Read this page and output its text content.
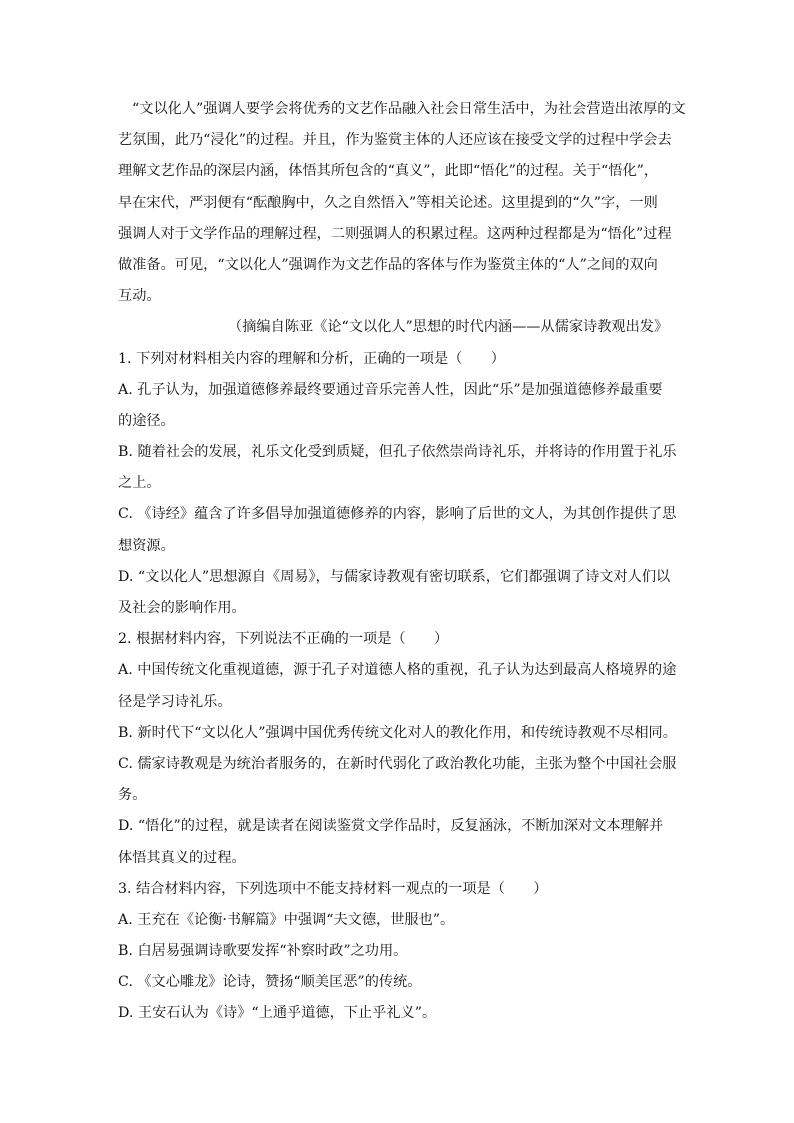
“文以化人”强调人要学会将优秀的文艺作品融入社会日常生活中，为社会营造出浓厚的文
艺氛围，此乃“浸化”的过程。并且，作为鉴赏主体的人还应该在接受文学的过程中学会去
理解文艺作品的深层内涵，体悟其所包含的“真义”，此即“悟化”的过程。关于“悟化”，
早在宋代，严羽便有“酝酿胸中，久之自然悟入”等相关论述。这里提到的“久”字，一则
强调人对于文学作品的理解过程，二则强调人的积累过程。这两种过程都是为“悟化”过程
做准备。可见，“文以化人”强调作为文艺作品的客体与作为鉴赏主体的“人”之间的双向
互动。
（摘编自陈亚《论“文以化人”思想的时代内涵——从儒家诗教观出发》
1. 下列对材料相关内容的理解和分析，正确的一项是（　　）
A. 孔子认为，加强道德修养最终要通过音乐完善人性，因此“乐”是加强道德修养最重要
的途径。
B. 随着社会的发展，礼乐文化受到质疑，但孔子依然崇尚诗礼乐，并将诗的作用置于礼乐
之上。
C. 《诗经》蕴含了许多倡导加强道德修养的内容，影响了后世的文人，为其创作提供了思
想资源。
D. “文以化人”思想源自《周易》，与儒家诗教观有密切联系，它们都强调了诗文对人们以
及社会的影响作用。
2. 根据材料内容，下列说法不正确的一项是（　　）
A. 中国传统文化重视道德，源于孔子对道德人格的重视，孔子认为达到最高人格境界的途
径是学习诗礼乐。
B. 新时代下“文以化人”强调中国优秀传统文化对人的教化作用，和传统诗教观不尽相同。
C. 儒家诗教观是为统治者服务的，在新时代弱化了政治教化功能，主张为整个中国社会服
务。
D. “悟化”的过程，就是读者在阅读鉴赏文学作品时，反复涵泳，不断加深对文本理解并
体悟其真义的过程。
3. 结合材料内容，下列选项中不能支持材料一观点的一项是（　　）
A. 王充在《论衡·书解篇》中强调“夫文德，世服也”。
B. 白居易强调诗歌要发挥“补察时政”之功用。
C. 《文心雕龙》论诗，赞扬“顺美匡恶”的传统。
D. 王安石认为《诗》“上通乎道德，下止乎礼义”。
